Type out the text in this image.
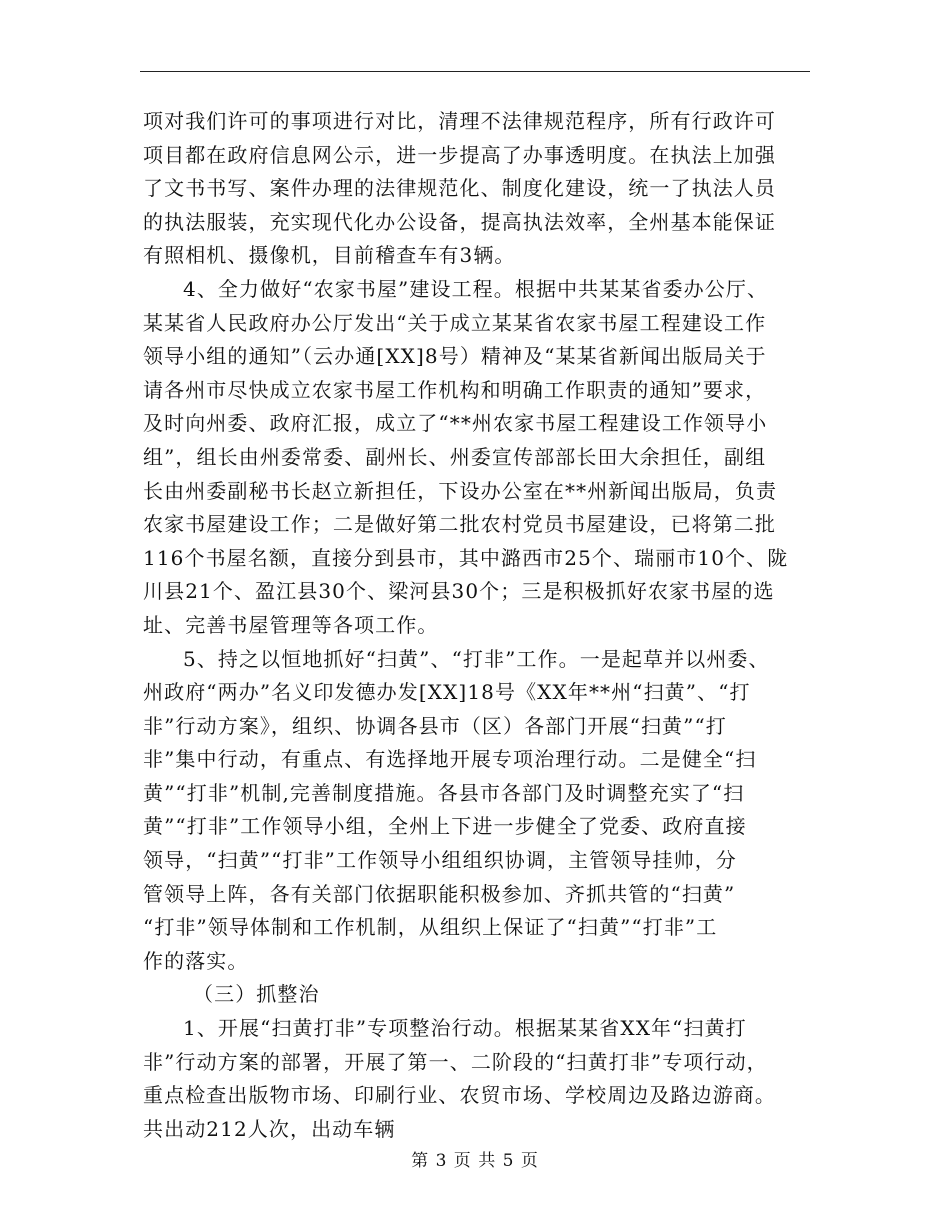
项对我们许可的事项进行对比，清理不法律规范程序，所有行政许可
项目都在政府信息网公示，进一步提高了办事透明度。在执法上加强
了文书书写、案件办理的法律规范化、制度化建设，统一了执法人员
的执法服装，充实现代化办公设备，提高执法效率，全州基本能保证
有照相机、摄像机，目前稽查车有3辆。
4、全力做好“农家书屋”建设工程。根据中共某某省委办公厅、
某某省人民政府办公厅发出“关于成立某某省农家书屋工程建设工作
领导小组的通知”（云办通[XX]8号）精神及“某某省新闻出版局关于
请各州市尽快成立农家书屋工作机构和明确工作职责的通知”要求，
及时向州委、政府汇报，成立了“**州农家书屋工程建设工作领导小
组”，组长由州委常委、副州长、州委宣传部部长田大余担任，副组
长由州委副秘书长赵立新担任，下设办公室在**州新闻出版局，负责
农家书屋建设工作；二是做好第二批农村党员书屋建设，已将第二批
116个书屋名额，直接分到县市，其中潞西市25个、瑞丽市10个、陇
川县21个、盈江县30个、梁河县30个；三是积极抓好农家书屋的选
址、完善书屋管理等各项工作。
5、持之以恒地抓好“扫黄”、“打非”工作。一是起草并以州委、
州政府“两办”名义印发德办发[XX]18号《XX年**州“扫黄”、“打
非”行动方案》，组织、协调各县市（区）各部门开展“扫黄”“打
非”集中行动，有重点、有选择地开展专项治理行动。二是健全“扫
黄”“打非”机制,完善制度措施。各县市各部门及时调整充实了“扫
黄”“打非”工作领导小组，全州上下进一步健全了党委、政府直接
领导，“扫黄”“打非”工作领导小组组织协调，主管领导挂帅，分
管领导上阵，各有关部门依据职能积极参加、齐抓共管的“扫黄”
“打非”领导体制和工作机制，从组织上保证了“扫黄”“打非”工
作的落实。
（三）抓整治
1、开展“扫黄打非”专项整治行动。根据某某省XX年“扫黄打
非”行动方案的部署，开展了第一、二阶段的“扫黄打非”专项行动，
重点检查出版物市场、印刷行业、农贸市场、学校周边及路边游商。
共出动212人次，出动车辆
第 3 页 共 5 页
